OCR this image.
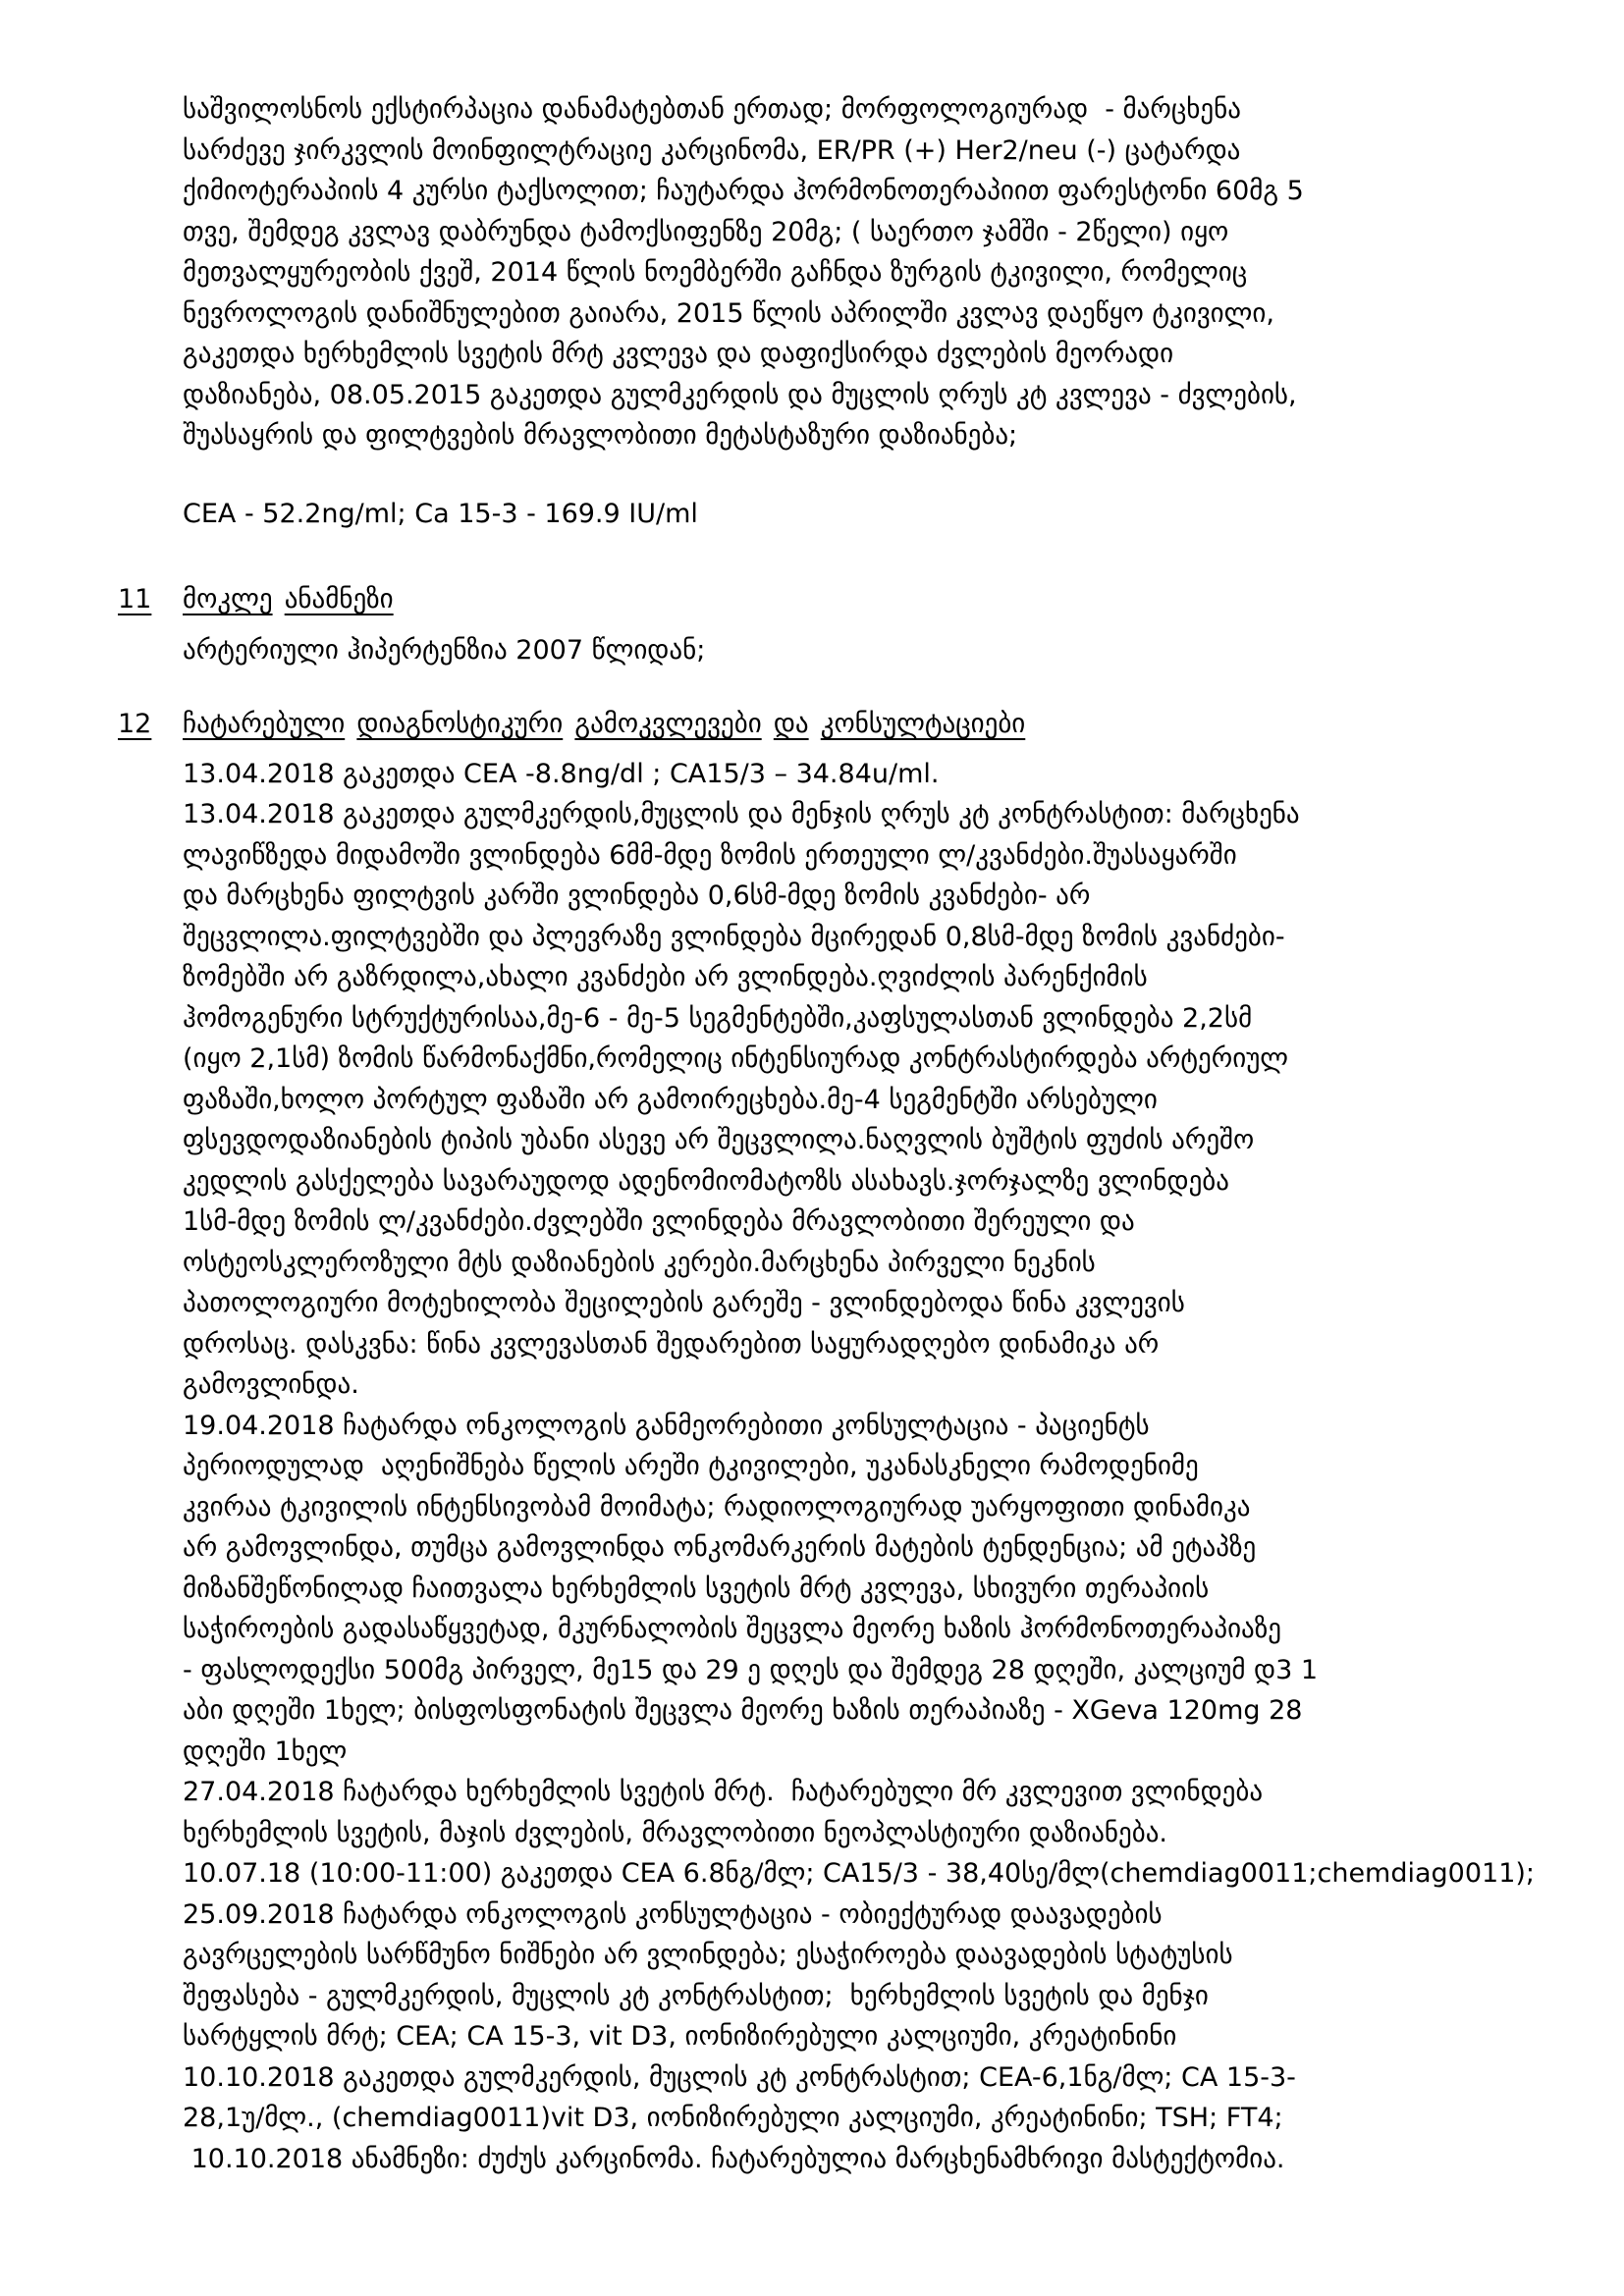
საშვილოსნოს ექსტირპაცია დანამატებთან ერთად; მორფოლოგიურად  - მარცხენა
სარძევე ჯირკვლის მოინფილტრაციე კარცინომა, ER/PR (+) Her2/neu (-) ცატარდა
ქიმიოტერაპიის 4 კურსი ტაქსოლით; ჩაუტარდა ჰორმონოთერაპიით ფარესტონი 60მგ 5
თვე, შემდეგ კვლავ დაბრუნდა ტამოქსიფენზე 20მგ; ( საერთო ჯამში - 2წელი) იყო
მეთვალყურეობის ქვეშ, 2014 წლის ნოემბერში გაჩნდა ზურგის ტკივილი, რომელიც
ნევროლოგის დანიშნულებით გაიარა, 2015 წლის აპრილში კვლავ დაეწყო ტკივილი,
გაკეთდა ხერხემლის სვეტის მრტ კვლევა და დაფიქსირდა ძვლების მეორადი
დაზიანება, 08.05.2015 გაკეთდა გულმკერდის და მუცლის ღრუს კტ კვლევა - ძვლების,
შუასაყრის და ფილტვების მრავლობითი მეტასტაზური დაზიანება;
CEA - 52.2ng/ml; Ca 15-3 - 169.9 IU/ml
11 მოკლე ანამნეზი
არტერიული ჰიპერტენზია 2007 წლიდან;
12 ჩატარებული დიაგნოსტიკური გამოკვლევები და კონსულტაციები
13.04.2018 გაკეთდა CEA -8.8ng/dl ; CA15/3 – 34.84u/ml.
13.04.2018 გაკეთდა გულმკერდის,მუცლის და მენჯის ღრუს კტ კონტრასტით: მარცხენა
ლავიწზედა მიდამოში ვლინდება 6მმ-მდე ზომის ერთეული ლ/კვანძები.შუასაყარში
და მარცხენა ფილტვის კარში ვლინდება 0,6სმ-მდე ზომის კვანძები- არ
შეცვლილა.ფილტვებში და პლევრაზე ვლინდება მცირედან 0,8სმ-მდე ზომის კვანძები-
ზომებში არ გაზრდილა,ახალი კვანძები არ ვლინდება.ღვიძლის პარენქიმის
ჰომოგენური სტრუქტურისაა,მე-6 - მე-5 სეგმენტებში,კაფსულასთან ვლინდება 2,2სმ
(იყო 2,1სმ) ზომის წარმონაქმნი,რომელიც ინტენსიურად კონტრასტირდება არტერიულ
ფაზაში,ხოლო პორტულ ფაზაში არ გამოირეცხება.მე-4 სეგმენტში არსებული
ფსევდოდაზიანების ტიპის უბანი ასევე არ შეცვლილა.ნაღვლის ბუშტის ფუძის არეშო
კედლის გასქელება სავარაუდოდ ადენომიომატოზს ასახავს.ჯორჯალზე ვლინდება
1სმ-მდე ზომის ლ/კვანძები.ძვლებში ვლინდება მრავლობითი შერეული და
ოსტეოსკლეროზული მტს დაზიანების კერები.მარცხენა პირველი ნეკნის
პათოლოგიური მოტეხილობა შეცილების გარეშე - ვლინდებოდა წინა კვლევის
დროსაც. დასკვნა: წინა კვლევასთან შედარებით საყურადღებო დინამიკა არ
გამოვლინდა.
19.04.2018 ჩატარდა ონკოლოგის განმეორებითი კონსულტაცია - პაციენტს
პერიოდულად  აღენიშნება წელის არეში ტკივილები, უკანასკნელი რამოდენიმე
კვირაა ტკივილის ინტენსივობამ მოიმატა; რადიოლოგიურად უარყოფითი დინამიკა
არ გამოვლინდა, თუმცა გამოვლინდა ონკომარკერის მატების ტენდენცია; ამ ეტაპზე
მიზანშეწონილად ჩაითვალა ხერხემლის სვეტის მრტ კვლევა, სხივური თერაპიის
საჭიროების გადასაწყვეტად, მკურნალობის შეცვლა მეორე ხაზის ჰორმონოთერაპიაზე
- ფასლოდექსი 500მგ პირველ, მე15 და 29 ე დღეს და შემდეგ 28 დღეში, კალციუმ დ3 1
აბი დღეში 1ხელ; ბისფოსფონატის შეცვლა მეორე ხაზის თერაპიაზე - XGeva 120mg 28
დღეში 1ხელ
27.04.2018 ჩატარდა ხერხემლის სვეტის მრტ.  ჩატარებული მრ კვლევით ვლინდება
ხერხემლის სვეტის, მაჯის ძვლების, მრავლობითი ნეოპლასტიური დაზიანება.
10.07.18 (10:00-11:00) გაკეთდა CEA 6.8ნგ/მლ; CA15/3 - 38,40სე/მლ(chemdiag0011;chemdiag0011);
25.09.2018 ჩატარდა ონკოლოგის კონსულტაცია - ობიექტურად დაავადების
გავრცელების სარწმუნო ნიშნები არ ვლინდება; ესაჭიროება დაავადების სტატუსის
შეფასება - გულმკერდის, მუცლის კტ კონტრასტით;  ხერხემლის სვეტის და მენჯი
სარტყლის მრტ; CEA; CA 15-3, vit D3, იონიზირებული კალციუმი, კრეატინინი
10.10.2018 გაკეთდა გულმკერდის, მუცლის კტ კონტრასტით; CEA-6,1ნგ/მლ; CA 15-3-
28,1უ/მლ., (chemdiag0011)vit D3, იონიზირებული კალციუმი, კრეატინინი; TSH; FT4;
10.10.2018 ანამნეზი: ძუძუს კარცინომა. ჩატარებულია მარცხენამხრივი მასტექტომია.
